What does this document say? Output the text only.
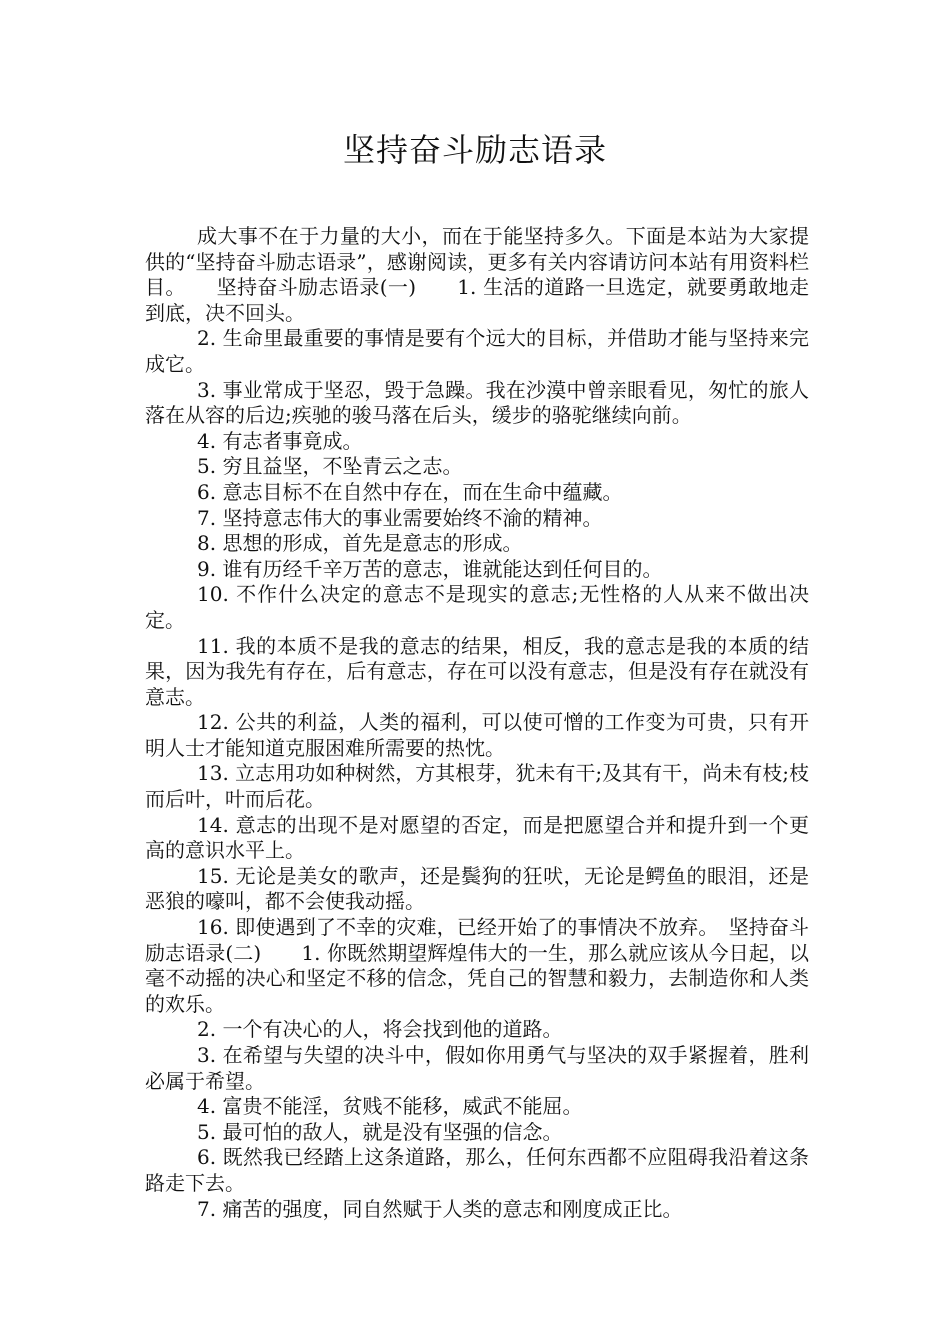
坚持奋斗励志语录

成大事不在于力量的大小，而在于能坚持多久。下面是本站为大家提供的“坚持奋斗励志语录”，感谢阅读，更多有关内容请访问本站有用资料栏目。　　坚持奋斗励志语录(一)　　1. 生活的道路一旦选定，就要勇敢地走到底，决不回头。

2. 生命里最重要的事情是要有个远大的目标，并借助才能与坚持来完成它。

3. 事业常成于坚忍，毁于急躁。我在沙漠中曾亲眼看见，匆忙的旅人落在从容的后边;疾驰的骏马落在后头，缓步的骆驼继续向前。

4. 有志者事竟成。

5. 穷且益坚，不坠青云之志。

6. 意志目标不在自然中存在，而在生命中蕴藏。

7. 坚持意志伟大的事业需要始终不渝的精神。

8. 思想的形成，首先是意志的形成。

9. 谁有历经千辛万苦的意志，谁就能达到任何目的。

10. 不作什么决定的意志不是现实的意志;无性格的人从来不做出决定。

11. 我的本质不是我的意志的结果，相反，我的意志是我的本质的结果，因为我先有存在，后有意志，存在可以没有意志，但是没有存在就没有意志。

12. 公共的利益，人类的福利，可以使可憎的工作变为可贵，只有开明人士才能知道克服困难所需要的热忱。

13. 立志用功如种树然，方其根芽，犹未有干;及其有干，尚未有枝;枝而后叶，叶而后花。

14. 意志的出现不是对愿望的否定，而是把愿望合并和提升到一个更高的意识水平上。

15. 无论是美女的歌声，还是鬓狗的狂吠，无论是鳄鱼的眼泪，还是恶狼的嚎叫，都不会使我动摇。

16. 即使遇到了不幸的灾难，已经开始了的事情决不放弃。　坚持奋斗励志语录(二)　　1. 你既然期望辉煌伟大的一生，那么就应该从今日起，以毫不动摇的决心和坚定不移的信念，凭自己的智慧和毅力，去制造你和人类的欢乐。

2. 一个有决心的人，将会找到他的道路。

3. 在希望与失望的决斗中，假如你用勇气与坚决的双手紧握着，胜利必属于希望。

4. 富贵不能淫，贫贱不能移，威武不能屈。

5. 最可怕的敌人，就是没有坚强的信念。

6. 既然我已经踏上这条道路，那么，任何东西都不应阻碍我沿着这条路走下去。

7. 痛苦的强度，同自然赋于人类的意志和刚度成正比。
